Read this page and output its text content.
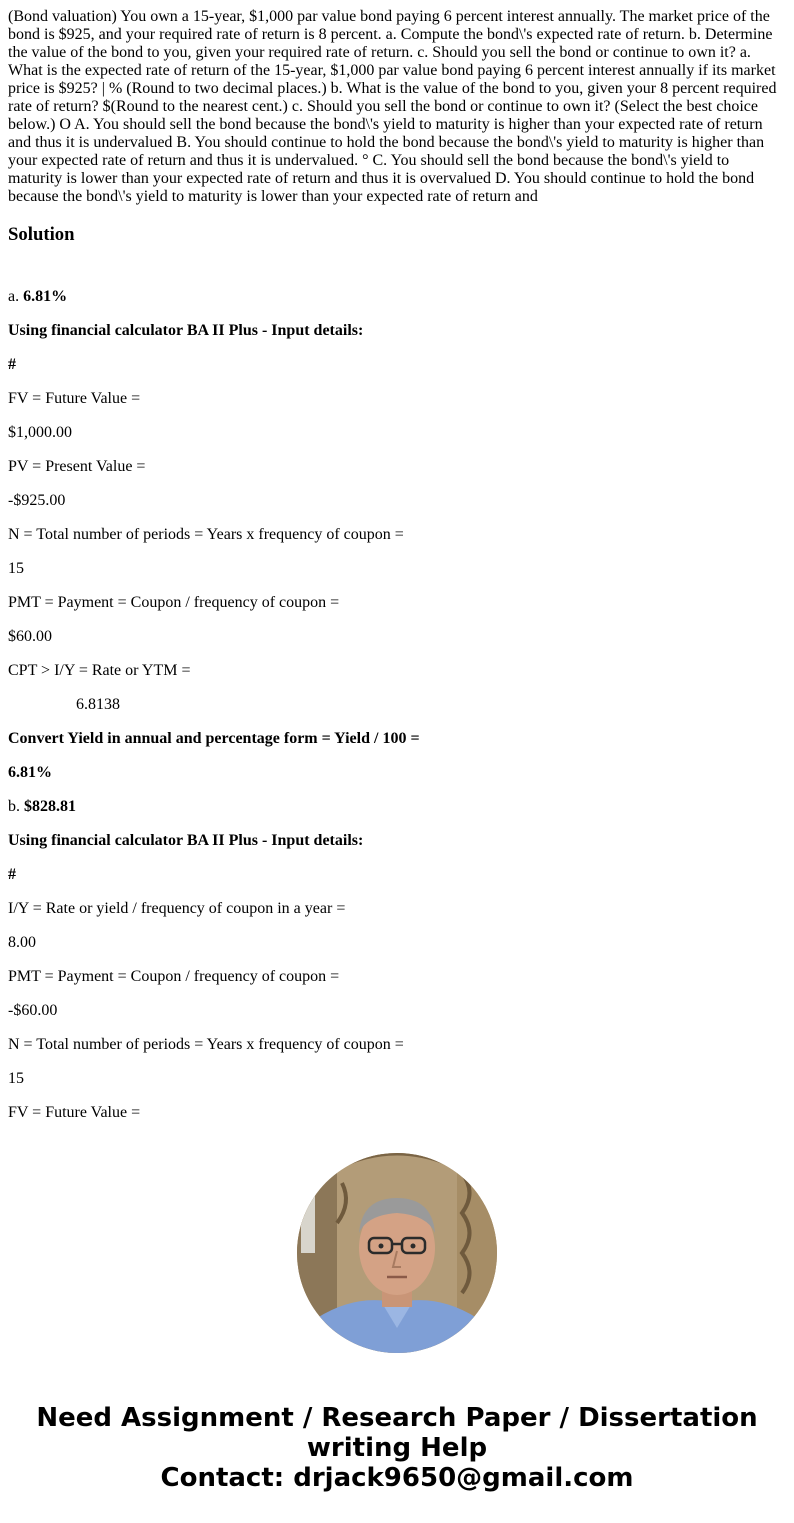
(Bond valuation) You own a 15-year, $1,000 par value bond paying 6 percent interest annually. The market price of the bond is $925, and your required rate of return is 8 percent. a. Compute the bond\'s expected rate of return. b. Determine the value of the bond to you, given your required rate of return. c. Should you sell the bond or continue to own it? a. What is the expected rate of return of the 15-year, $1,000 par value bond paying 6 percent interest annually if its market price is $925? | % (Round to two decimal places.) b. What is the value of the bond to you, given your 8 percent required rate of return? $(Round to the nearest cent.) c. Should you sell the bond or continue to own it? (Select the best choice below.) O A. You should sell the bond because the bond\'s yield to maturity is higher than your expected rate of return and thus it is undervalued B. You should continue to hold the bond because the bond\'s yield to maturity is higher than your expected rate of return and thus it is undervalued. ° C. You should sell the bond because the bond\'s yield to maturity is lower than your expected rate of return and thus it is overvalued D. You should continue to hold the bond because the bond\'s yield to maturity is lower than your expected rate of return and

Solution

a. 6.81%

Using financial calculator BA II Plus - Input details:

#

FV = Future Value =

$1,000.00

PV = Present Value =

-$925.00

N = Total number of periods = Years x frequency of coupon =

15

PMT = Payment = Coupon / frequency of coupon =

$60.00

CPT > I/Y = Rate or YTM =

6.8138

Convert Yield in annual and percentage form = Yield / 100 =

6.81%

b. $828.81

Using financial calculator BA II Plus - Input details:

#

I/Y = Rate or yield / frequency of coupon in a year =

8.00

PMT = Payment = Coupon / frequency of coupon =

-$60.00

N = Total number of periods = Years x frequency of coupon =

15

FV = Future Value =

Need Assignment / Research Paper / Dissertation
writing Help
Contact: drjack9650@gmail.com
